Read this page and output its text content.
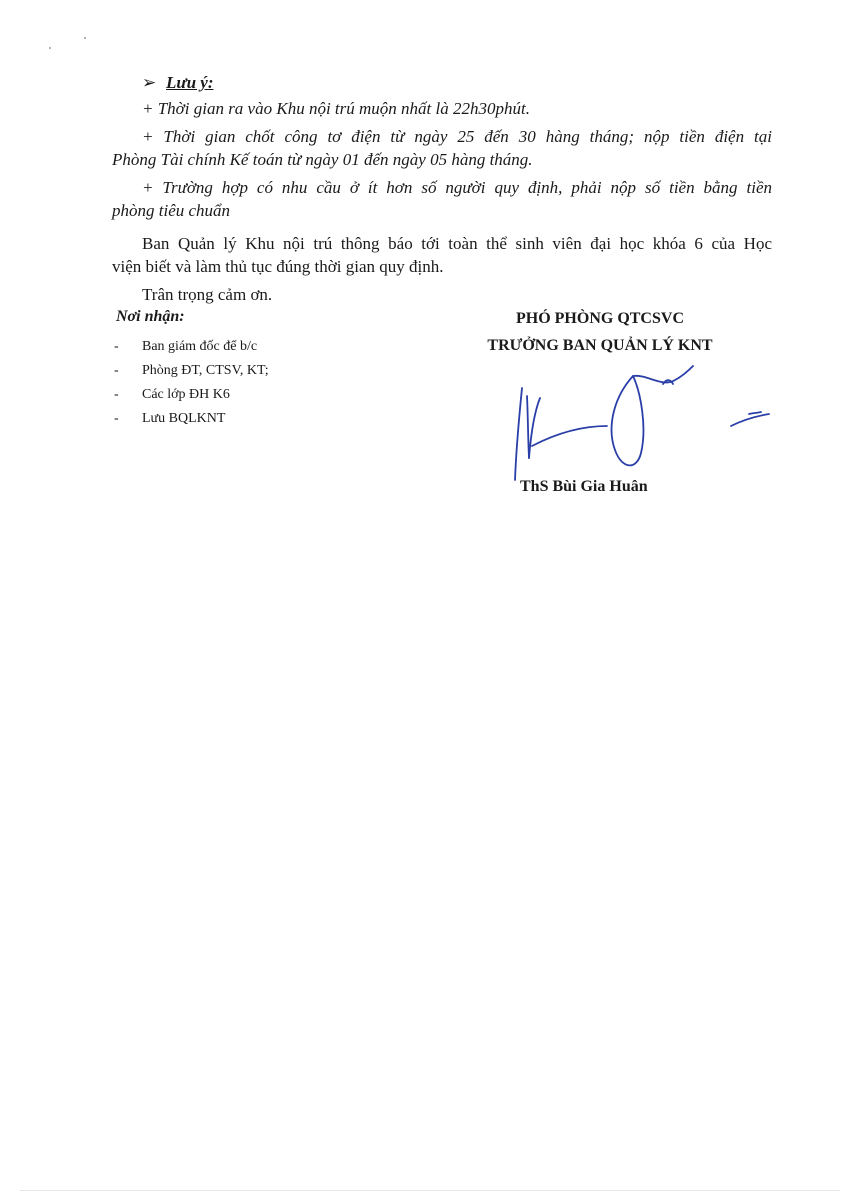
➢ Lưu ý:
+ Thời gian ra vào Khu nội trú muộn nhất là 22h30phút.
+ Thời gian chốt công tơ điện từ ngày 25 đến 30 hàng tháng; nộp tiền điện tại
Phòng Tài chính Kế toán từ ngày 01 đến ngày 05 hàng tháng.
+ Trường hợp có nhu cầu ở ít hơn số người quy định, phải nộp số tiền bằng tiền
phòng tiêu chuẩn
Ban Quản lý Khu nội trú thông báo tới toàn thể sinh viên đại học khóa 6 của Học
viện biết và làm thủ tục đúng thời gian quy định.
Trân trọng cảm ơn.
Nơi nhận:
- Ban giám đốc để b/c
- Phòng ĐT, CTSV, KT;
- Các lớp ĐH K6
- Lưu BQLKNT
PHÓ PHÒNG QTCSVC
TRƯỞNG BAN QUẢN LÝ KNT
ThS Bùi Gia Huân
